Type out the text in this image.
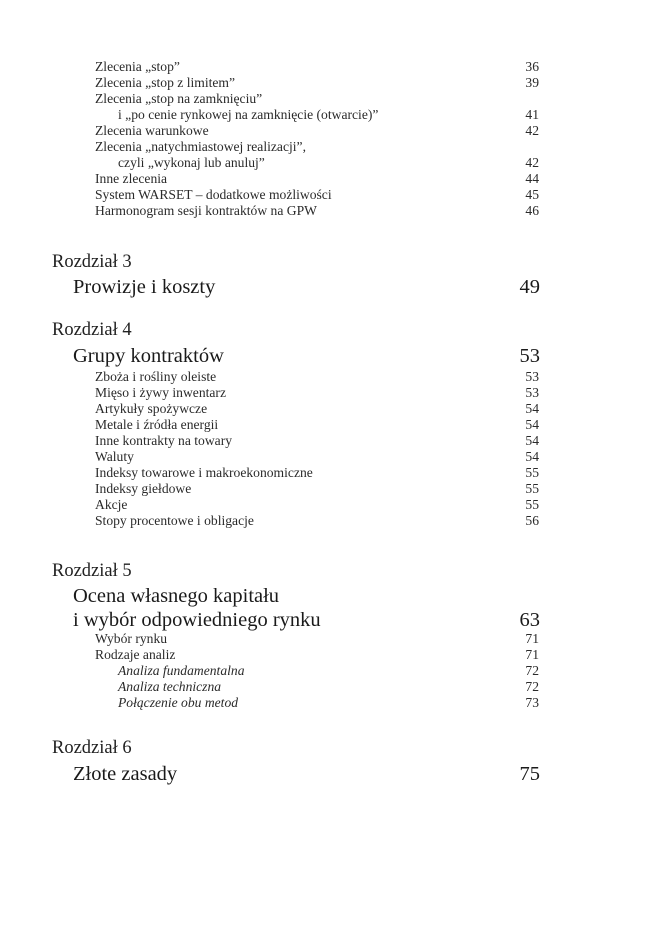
Zlecenia „stop”	36
Zlecenia „stop z limitem”	39
Zlecenia „stop na zamknięciu”
i „po cenie rynkowej na zamknięcie (otwarcie)”	41
Zlecenia warunkowe	42
Zlecenia „natychmiastowej realizacji”,
czyli „wykonaj lub anuluj”	42
Inne zlecenia	44
System WARSET – dodatkowe możliwości	45
Harmonogram sesji kontraktów na GPW	46
Rozdział 3
Prowizje i koszty	49
Rozdział 4
Grupy kontraktów	53
Zboża i rośliny oleiste	53
Mięso i żywy inwentarz	53
Artykuły spożywcze	54
Metale i źródła energii	54
Inne kontrakty na towary	54
Waluty	54
Indeksy towarowe i makroekonomiczne	55
Indeksy giełdowe	55
Akcje	55
Stopy procentowe i obligacje	56
Rozdział 5
Ocena własnego kapitału
i wybór odpowiedniego rynku	63
Wybór rynku	71
Rodzaje analiz	71
Analiza fundamentalna	72
Analiza techniczna	72
Połączenie obu metod	73
Rozdział 6
Złote zasady	75
